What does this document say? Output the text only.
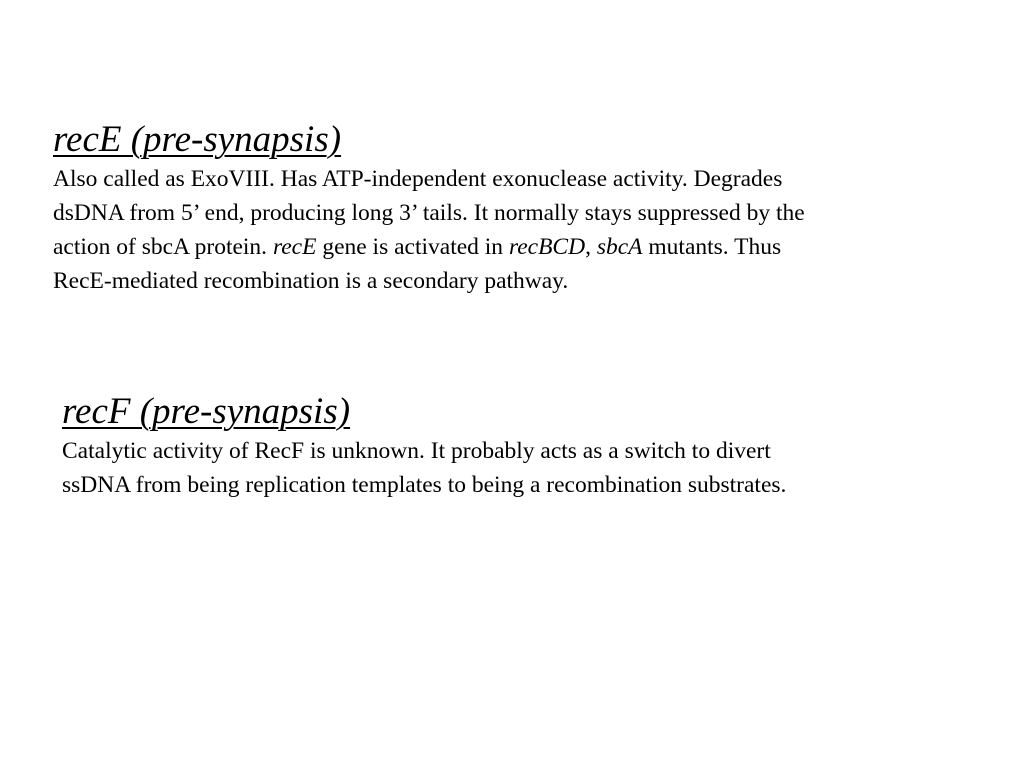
recE (pre-synapsis)

Also called as ExoVIII. Has ATP-independent exonuclease activity. Degrades
dsDNA from 5’ end, producing long 3’ tails. It normally stays suppressed by the
action of sbcA protein. recE gene is activated in recBCD, sbcA mutants. Thus
RecE-mediated recombination is a secondary pathway.

recF (pre-synapsis)

Catalytic activity of RecF is unknown. It probably acts as a switch to divert
ssDNA from being replication templates to being a recombination substrates.
